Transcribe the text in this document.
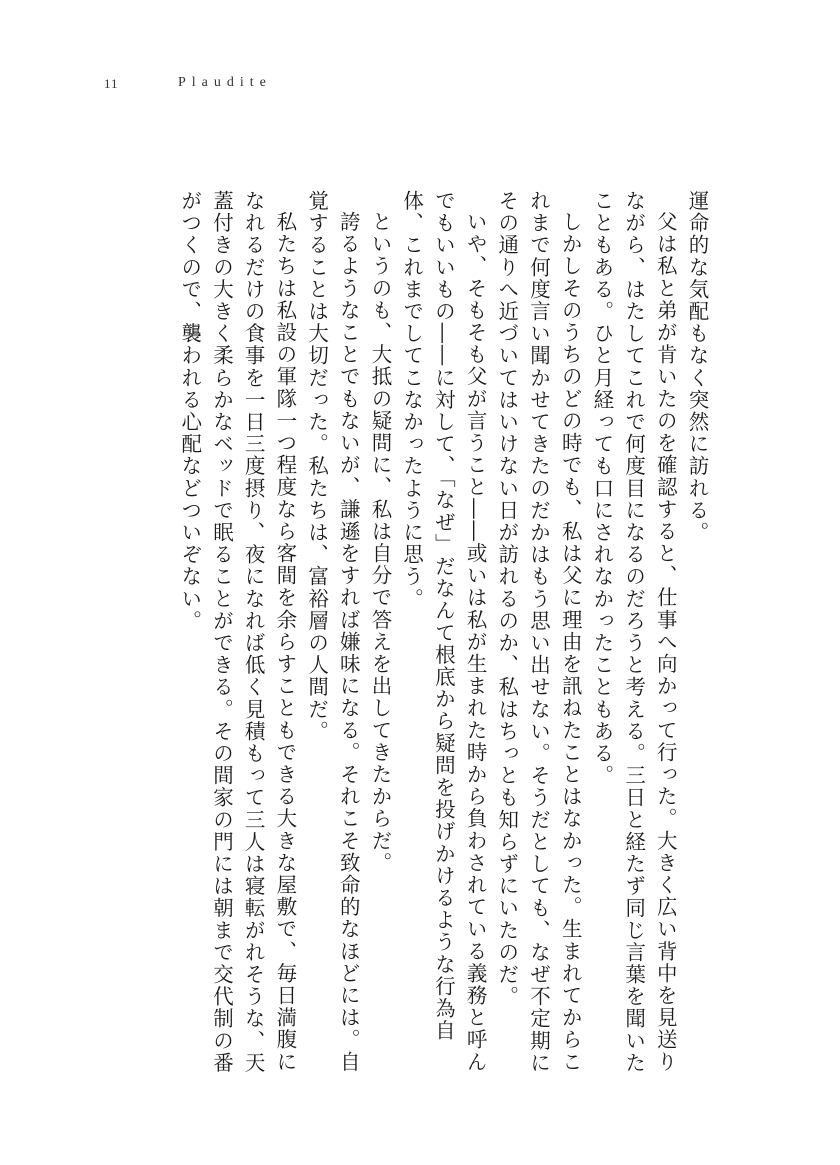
11	Plaudite

運命的な気配もなく突然に訪れる。

父は私と弟が肯いたのを確認すると、仕事へ向かって行った。大きく広い背中を見送りながら、はたしてこれで何度目になるのだろうと考える。三日と経たず同じ言葉を聞いたこともある。ひと月経っても口にされなかったこともある。

しかしそのうちのどの時でも、私は父に理由を訊ねたことはなかった。生まれてからこれまで何度言い聞かせてきたのだかはもう思い出せない。そうだとしても、なぜ不定期にその通りへ近づいてはいけない日が訪れるのか、私はちっとも知らずにいたのだ。

いや、そもそも父が言うこと――或いは私が生まれた時から負わされている義務と呼んでもいいもの――に対して、「なぜ」だなんて根底から疑問を投げかけるような行為自体、これまでしてこなかったように思う。

というのも、大抵の疑問に、私は自分で答えを出してきたからだ。

誇るようなことでもないが、謙遜をすれば嫌味になる。それこそ致命的なほどには。自覚することは大切だった。私たちは、富裕層の人間だ。

私たちは私設の軍隊一つ程度なら客間を余らすこともできる大きな屋敷で、毎日満腹になれるだけの食事を一日三度摂り、夜になれば低く見積もって三人は寝転がれそうな、天蓋付きの大きく柔らかなベッドで眠ることができる。その間家の門には朝まで交代制の番がつくので、襲われる心配などついぞない。
